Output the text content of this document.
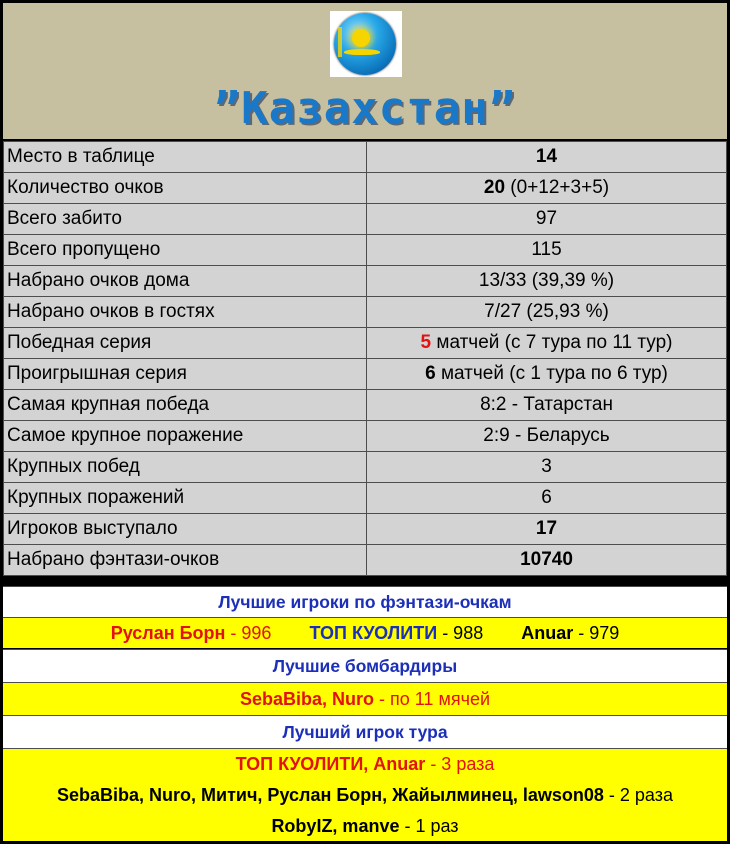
”Казахстан”
Место в таблице	14
Количество очков	20 (0+12+3+5)
Всего забито	97
Всего пропущено	115
Набрано очков дома	13/33 (39,39 %)
Набрано очков в гостях	7/27 (25,93 %)
Победная серия	5 матчей (с 7 тура по 11 тур)
Проигрышная серия	6 матчей (с 1 тура по 6 тур)
Самая крупная победа	8:2 - Татарстан
Самое крупное поражение	2:9 - Беларусь
Крупных побед	3
Крупных поражений	6
Игроков выступало	17
Набрано фэнтази-очков	10740
Лучшие игроки по фэнтази-очкам
Руслан Борн - 996 ТОП КУОЛИТИ - 988 Anuar - 979
Лучшие бомбардиры
SebaBiba, Nuro - по 11 мячей
Лучший игрок тура
ТОП КУОЛИТИ, Anuar - 3 раза
SebaBiba, Nuro, Митич, Руслан Борн, Жайылминец, lawson08 - 2 раза
RobyIZ, manve - 1 раз
